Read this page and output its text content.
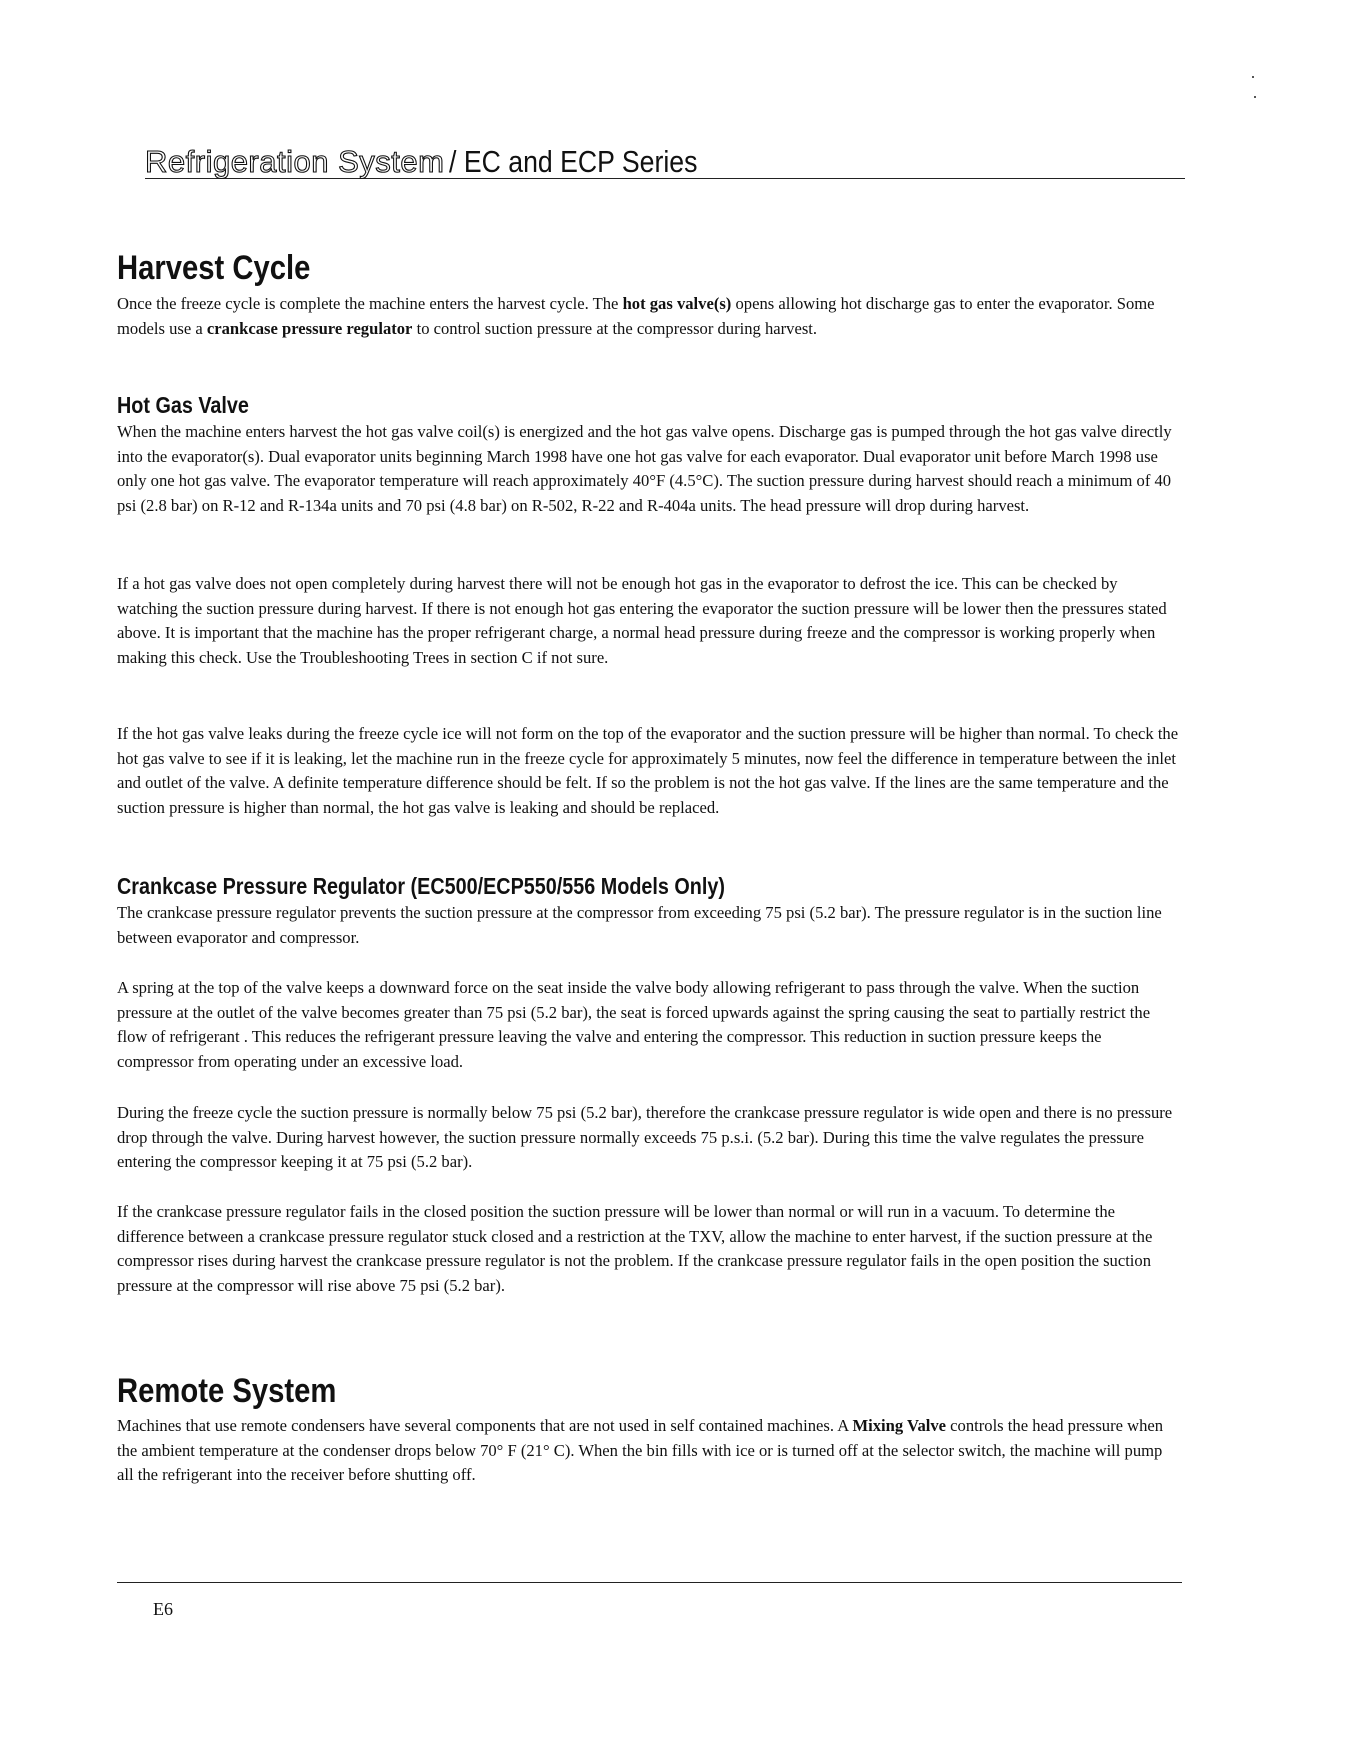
Refrigeration System / EC and ECP Series
Harvest Cycle

Once the freeze cycle is complete the machine enters the harvest cycle. The hot gas valve(s) opens allowing hot discharge gas to enter the evaporator. Some models use a crankcase pressure regulator to control suction pressure at the compressor during harvest.

Hot Gas Valve

When the machine enters harvest the hot gas valve coil(s) is energized and the hot gas valve opens. Discharge gas is pumped through the hot gas valve directly into the evaporator(s). Dual evaporator units beginning March 1998 have one hot gas valve for each evaporator. Dual evaporator unit before March 1998 use only one hot gas valve. The evaporator temperature will reach approximately 40°F (4.5°C). The suction pressure during harvest should reach a minimum of 40 psi (2.8 bar) on R-12 and R-134a units and 70 psi (4.8 bar) on R-502, R-22 and R-404a units. The head pressure will drop during harvest.

If a hot gas valve does not open completely during harvest there will not be enough hot gas in the evaporator to defrost the ice. This can be checked by watching the suction pressure during harvest. If there is not enough hot gas entering the evaporator the suction pressure will be lower then the pressures stated above. It is important that the machine has the proper refrigerant charge, a normal head pressure during freeze and the compressor is working properly when making this check. Use the Troubleshooting Trees in section C if not sure.

If the hot gas valve leaks during the freeze cycle ice will not form on the top of the evaporator and the suction pressure will be higher than normal. To check the hot gas valve to see if it is leaking, let the machine run in the freeze cycle for approximately 5 minutes, now feel the difference in temperature between the inlet and outlet of the valve. A definite temperature difference should be felt. If so the problem is not the hot gas valve. If the lines are the same temperature and the suction pressure is higher than normal, the hot gas valve is leaking and should be replaced.

Crankcase Pressure Regulator (EC500/ECP550/556 Models Only)

The crankcase pressure regulator prevents the suction pressure at the compressor from exceeding 75 psi (5.2 bar). The pressure regulator is in the suction line between evaporator and compressor.

A spring at the top of the valve keeps a downward force on the seat inside the valve body allowing refrigerant to pass through the valve. When the suction pressure at the outlet of the valve becomes greater than 75 psi (5.2 bar), the seat is forced upwards against the spring causing the seat to partially restrict the flow of refrigerant . This reduces the refrigerant pressure leaving the valve and entering the compressor. This reduction in suction pressure keeps the compressor from operating under an excessive load.

During the freeze cycle the suction pressure is normally below 75 psi (5.2 bar), therefore the crankcase pressure regulator is wide open and there is no pressure drop through the valve. During harvest however, the suction pressure normally exceeds 75 p.s.i. (5.2 bar). During this time the valve regulates the pressure entering the compressor keeping it at 75 psi (5.2 bar).

If the crankcase pressure regulator fails in the closed position the suction pressure will be lower than normal or will run in a vacuum. To determine the difference between a crankcase pressure regulator stuck closed and a restriction at the TXV, allow the machine to enter harvest, if the suction pressure at the compressor rises during harvest the crankcase pressure regulator is not the problem. If the crankcase pressure regulator fails in the open position the suction pressure at the compressor will rise above 75 psi (5.2 bar).

Remote System

Machines that use remote condensers have several components that are not used in self contained machines. A Mixing Valve controls the head pressure when the ambient temperature at the condenser drops below 70° F (21° C). When the bin fills with ice or is turned off at the selector switch, the machine will pump all the refrigerant into the receiver before shutting off.

E6
